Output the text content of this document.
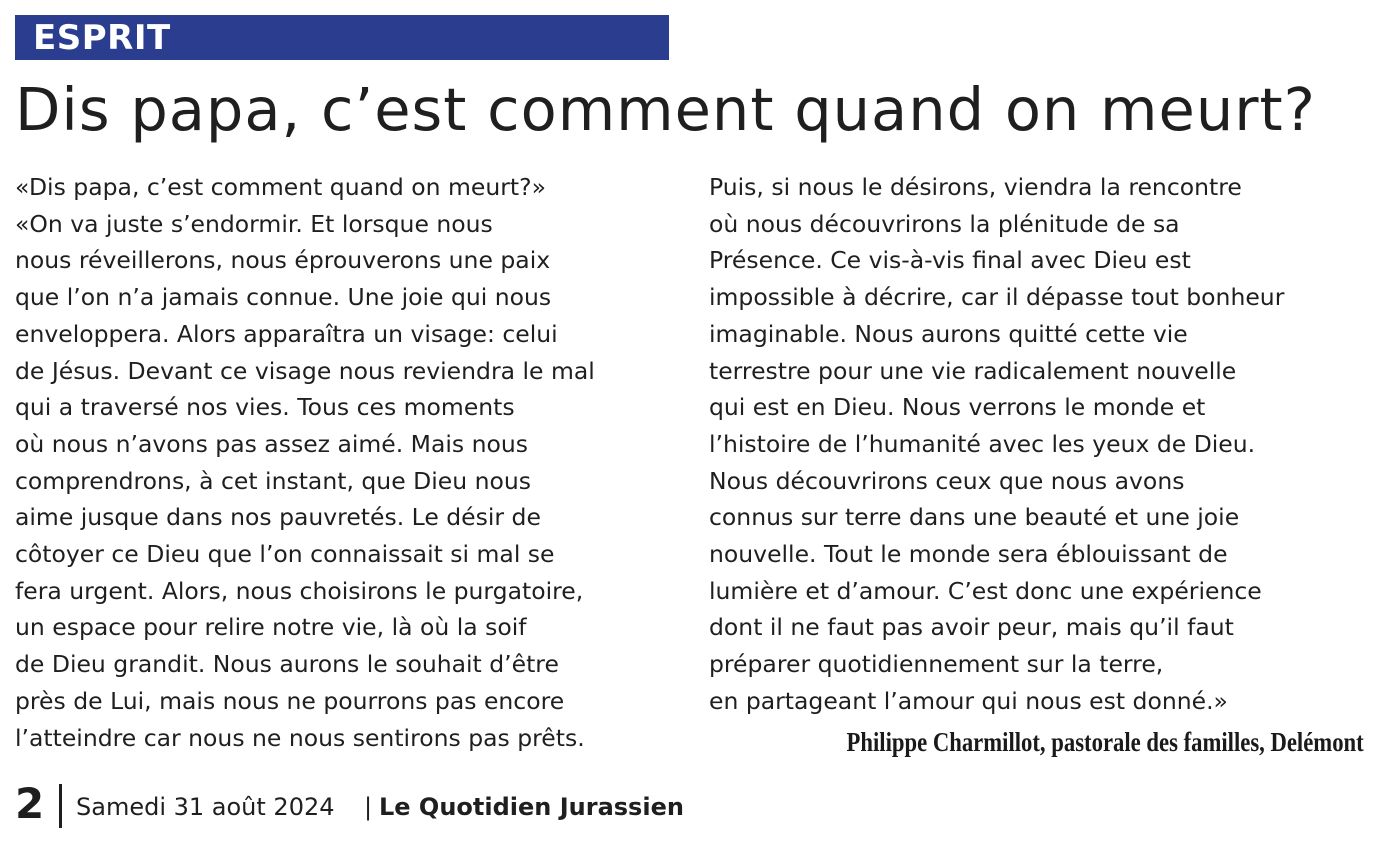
ESPRIT
Dis papa, c’est comment quand on meurt?
«Dis papa, c’est comment quand on meurt?»
«On va juste s’endormir. Et lorsque nous
nous réveillerons, nous éprouverons une paix
que l’on n’a jamais connue. Une joie qui nous
enveloppera. Alors apparaîtra un visage: celui
de Jésus. Devant ce visage nous reviendra le mal
qui a traversé nos vies. Tous ces moments
où nous n’avons pas assez aimé. Mais nous
comprendrons, à cet instant, que Dieu nous
aime jusque dans nos pauvretés. Le désir de
côtoyer ce Dieu que l’on connaissait si mal se
fera urgent. Alors, nous choisirons le purgatoire,
un espace pour relire notre vie, là où la soif
de Dieu grandit. Nous aurons le souhait d’être
près de Lui, mais nous ne pourrons pas encore
l’atteindre car nous ne nous sentirons pas prêts.
Puis, si nous le désirons, viendra la rencontre
où nous découvrirons la plénitude de sa
Présence. Ce vis-à-vis final avec Dieu est
impossible à décrire, car il dépasse tout bonheur
imaginable. Nous aurons quitté cette vie
terrestre pour une vie radicalement nouvelle
qui est en Dieu. Nous verrons le monde et
l’histoire de l’humanité avec les yeux de Dieu.
Nous découvrirons ceux que nous avons
connus sur terre dans une beauté et une joie
nouvelle. Tout le monde sera éblouissant de
lumière et d’amour. C’est donc une expérience
dont il ne faut pas avoir peur, mais qu’il faut
préparer quotidiennement sur la terre,
en partageant l’amour qui nous est donné.»
Philippe Charmillot, pastorale des familles, Delémont
2 Samedi 31 août 2024 | Le Quotidien Jurassien
